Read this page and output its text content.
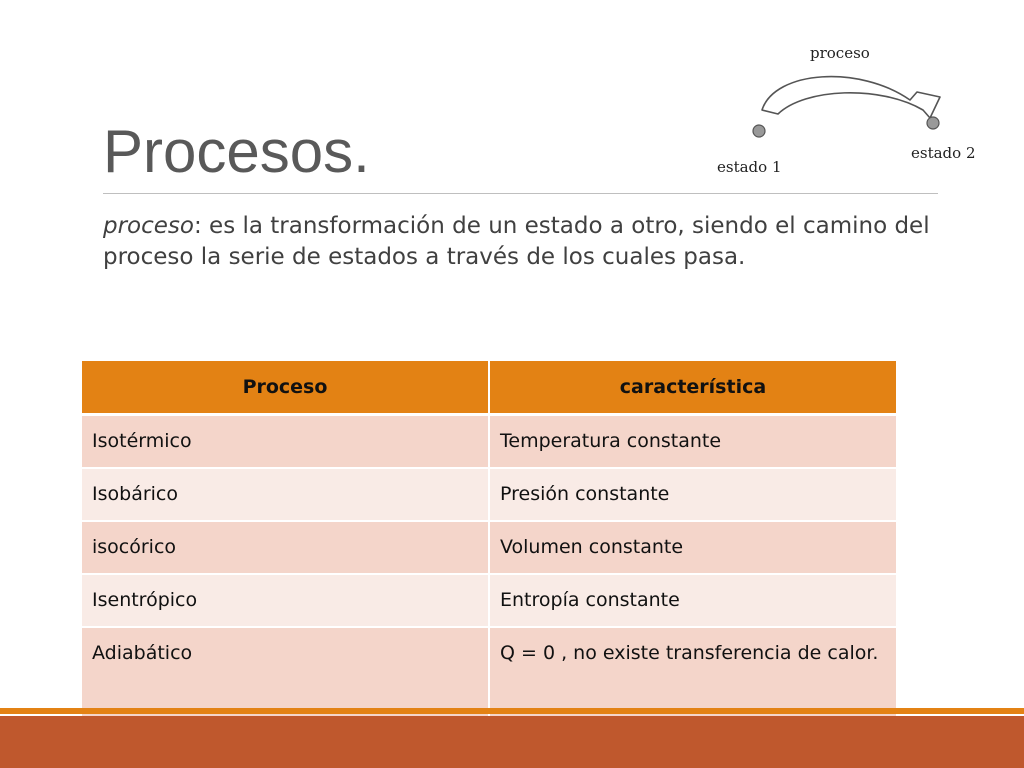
Procesos.
proceso
estado 1
estado 2
proceso: es la transformación de un estado a otro, siendo el camino del proceso la serie de estados a través de los cuales pasa.
Proceso	característica
Isotérmico	Temperatura constante
Isobárico	Presión constante
isocórico	Volumen constante
Isentrópico	Entropía constante
Adiabático	Q = 0 , no existe transferencia de calor.
